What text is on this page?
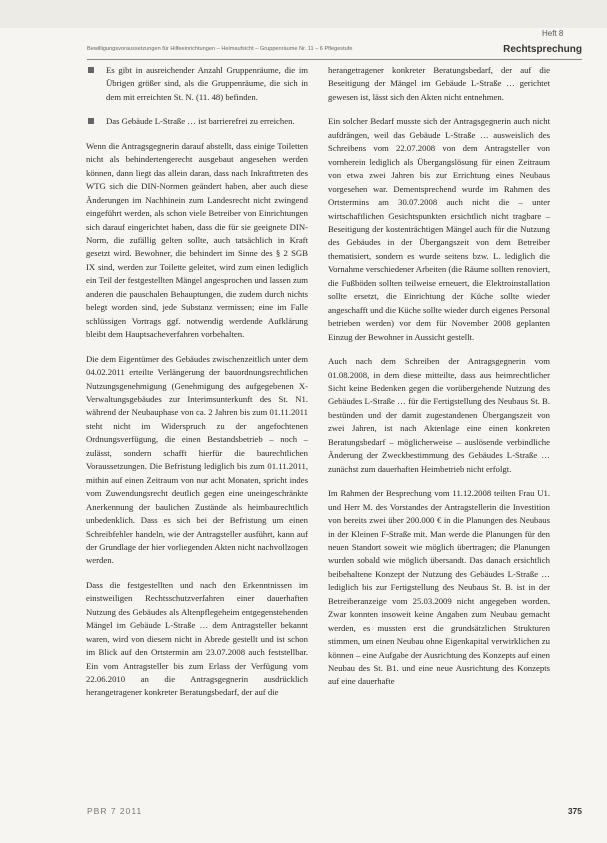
Heft 8
Bewilligungsvoraussetzungen für Hilfeeinrichtungen – Heimaufsicht – Gruppenräume Nr. 11 – 6 Pflegestufe	Rechtsprechung
Es gibt in ausreichender Anzahl Gruppenräume, die im Übrigen größer sind, als die Gruppenräume, die sich in dem mit erreichten St. N. (11. 48) befinden.
Das Gebäude L-Straße … ist barrierefrei zu erreichen.

Wenn die Antragsgegnerin darauf abstellt, dass einige Toiletten nicht als behindertengerecht ausgebaut angesehen werden können, dann liegt das allein daran, dass nach Inkrafttreten des WTG sich die DIN-Normen geändert haben, aber auch diese Änderungen im Nachhinein zum Landesrecht nicht zwingend eingeführt werden, als schon viele Betreiber von Einrichtungen sich darauf eingerichtet haben, dass die für sie geeignete DIN-Norm, die zufällig gelten sollte, auch tatsächlich in Kraft gesetzt wird. Bewohner, die behindert im Sinne des § 2 SGB IX sind, werden zur Toilette geleitet, wird zum einen lediglich ein Teil der festgestellten Mängel angesprochen und lassen zum anderen die pauschalen Behauptungen, die zudem durch nichts belegt worden sind, jede Substanz vermissen; eine im Falle schlüssigen Vortrags ggf. notwendig werdende Aufklärung bleibt dem Hauptsacheverfahren vorbehalten.

Die dem Eigentümer des Gebäudes zwischenzeitlich unter dem 04.02.2011 erteilte Verlängerung der bauordnungsrechtlichen Nutzungsgenehmigung (Genehmigung des aufgegebenen X-Verwaltungsgebäudes zur Interimsunterkunft des St. N1. während der Neubauphase von ca. 2 Jahren bis zum 01.11.2011 steht nicht im Widerspruch zu der angefochtenen Ordnungsverfügung, die einen Bestandsbetrieb – noch – zulässt, sondern schafft hierfür die baurechtlichen Voraussetzungen. Die Befristung lediglich bis zum 01.11.2011, mithin auf einen Zeitraum von nur acht Monaten, spricht indes vom Zuwendungsrecht deutlich gegen eine uneingeschränkte Anerkennung der baulichen Zustände als heimbaurechtlich unbedenklich. Dass es sich bei der Befristung um einen Schreibfehler handeln, wie der Antragsteller ausführt, kann auf der Grundlage der hier vorliegenden Akten nicht nachvollzogen werden.

Dass die festgestellten und nach den Erkenntnissen im einstweiligen Rechtsschutzverfahren einer dauerhaften Nutzung des Gebäudes als Altenpflegeheim entgegenstehenden Mängel im Gebäude L-Straße … dem Antragsteller bekannt waren, wird von diesem nicht in Abrede gestellt und ist schon im Blick auf den Ortstermin am 23.07.2008 auch feststellbar. Ein vom Antragsteller bis zum Erlass der Verfügung vom 22.06.2010 an die Antragsgegnerin ausdrücklich herangetragener konkreter Beratungsbedarf, der auf die

herangetragener konkreter Beratungsbedarf, der auf die Beseitigung der Mängel im Gebäude L-Straße … gerichtet gewesen ist, lässt sich den Akten nicht entnehmen.

Ein solcher Bedarf musste sich der Antragsgegnerin auch nicht aufdrängen, weil das Gebäude L-Straße … ausweislich des Schreibens vom 22.07.2008 von dem Antragsteller von vornherein lediglich als Übergangslösung für einen Zeitraum von etwa zwei Jahren bis zur Errichtung eines Neubaus vorgesehen war. Dementsprechend wurde im Rahmen des Ortstermins am 30.07.2008 auch nicht die – unter wirtschaftlichen Gesichtspunkten ersichtlich nicht tragbare – Beseitigung der kostenträchtigen Mängel auch für die Nutzung des Gebäudes in der Übergangszeit von dem Betreiber thematisiert, sondern es wurde seitens bzw. L. lediglich die Vornahme verschiedener Arbeiten (die Räume sollten renoviert, die Fußböden sollten teilweise erneuert, die Elektroinstallation sollte ersetzt, die Einrichtung der Küche sollte wieder angeschafft und die Küche sollte wieder durch eigenes Personal betrieben werden) vor dem für November 2008 geplanten Einzug der Bewohner in Aussicht gestellt.

Auch nach dem Schreiben der Antragsgegnerin vom 01.08.2008, in dem diese mitteilte, dass aus heimrechtlicher Sicht keine Bedenken gegen die vorübergehende Nutzung des Gebäudes L-Straße … für die Fertigstellung des Neubaus St. B. bestünden und der damit zugestandenen Übergangszeit von zwei Jahren, ist nach Aktenlage eine einen konkreten Beratungsbedarf – möglicherweise – auslösende verbindliche Änderung der Zweckbestimmung des Gebäudes L-Straße … zunächst zum dauerhaften Heimbetrieb nicht erfolgt.

Im Rahmen der Besprechung vom 11.12.2008 teilten Frau U1. und Herr M. des Vorstandes der Antragstellerin die Investition von bereits zwei über 200.000 € in die Planungen des Neubaus in der Kleinen F-Straße mit. Man werde die Planungen für den neuen Standort soweit wie möglich übertragen; die Planungen wurden sobald wie möglich übersandt. Das danach ersichtlich beibehaltene Konzept der Nutzung des Gebäudes L-Straße … lediglich bis zur Fertigstellung des Neubaus St. B. ist in der Betreiberanzeige vom 25.03.2009 nicht angegeben worden. Zwar konnten insoweit keine Angaben zum Neubau gemacht werden, es mussten erst die grundsätzlichen Strukturen stimmen, um einen Neubau ohne Eigenkapital verwirklichen zu können – eine Aufgabe der Ausrichtung des Konzepts auf einen Neubau des St. B1. und eine neue Ausrichtung des Konzepts auf eine dauerhafte

PBR 7 2011	375
